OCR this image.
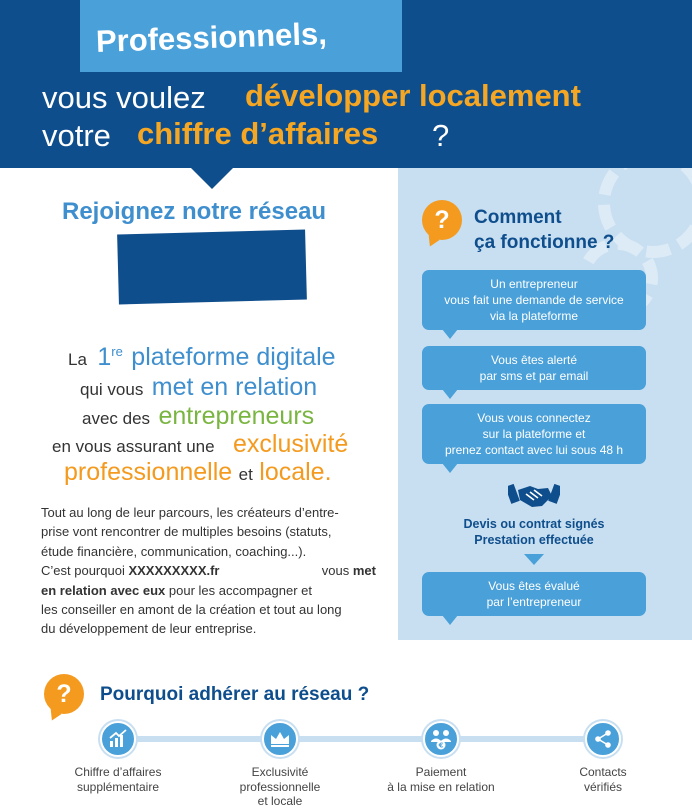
Professionnels,
vous voulez développer localement
votre chiffre d’affaires ?
Rejoignez notre réseau
La 1re plateforme digitale
qui vous met en relation
avec des entrepreneurs
en vous assurant une exclusivité
professionnelle et locale.
Tout au long de leur parcours, les créateurs d’entre-
prise vont rencontrer de multiples besoins (statuts,
étude financière, communication, coaching...).
C’est pourquoi XXXXXXXXX.fr	vous met
en relation avec eux pour les accompagner et
les conseiller en amont de la création et tout au long
du développement de leur entreprise.
?	Comment
ça fonctionne ?
Un entrepreneur
vous fait une demande de service
via la plateforme
Vous êtes alerté
par sms et par email
Vous vous connectez
sur la plateforme et
prenez contact avec lui sous 48 h
Devis ou contrat signés
Prestation effectuée
Vous êtes évalué
par l’entrepreneur
?	Pourquoi adhérer au réseau ?
€
Chiffre d’affaires
supplémentaire
Exclusivité
professionnelle
et locale
Paiement
à la mise en relation
Contacts
vérifiés
